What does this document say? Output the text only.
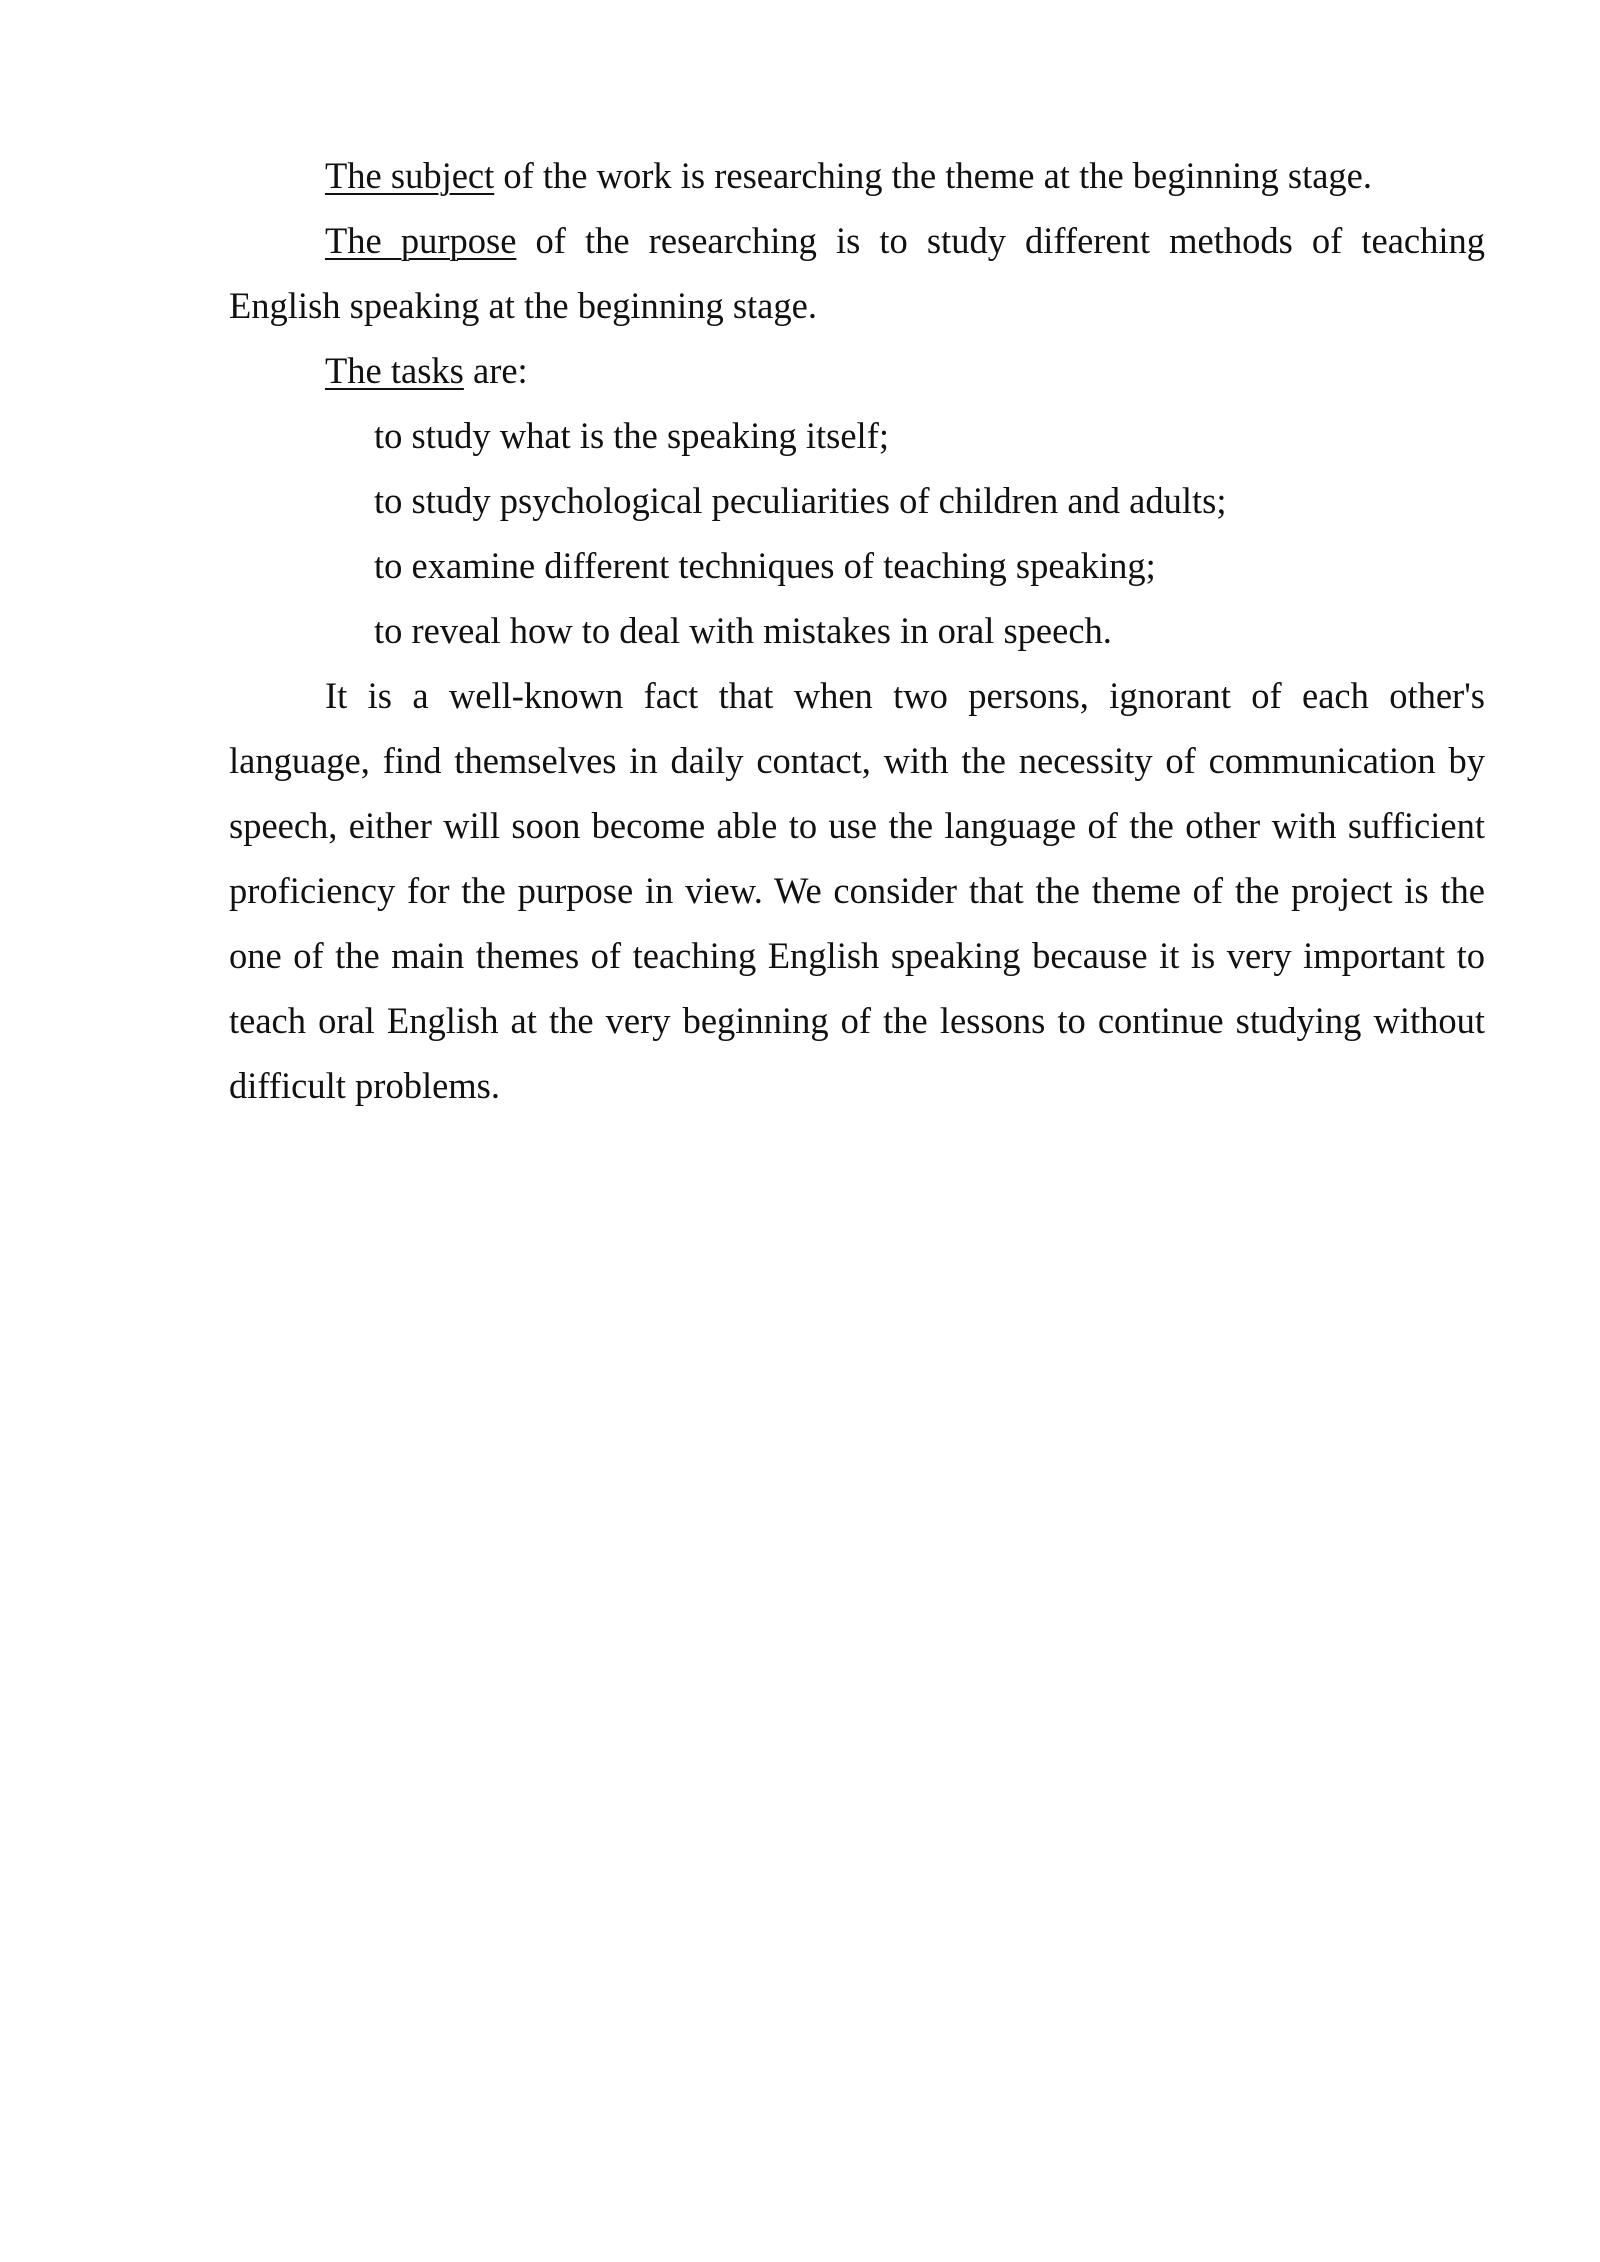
The subject of the work is researching the theme at the beginning stage.

The purpose of the researching is to study different methods of teaching English speaking at the beginning stage.

The tasks are:

to study what is the speaking itself;
to study psychological peculiarities of children and adults;
to examine different techniques of teaching speaking;
to reveal how to deal with mistakes in oral speech.

It is a well-known fact that when two persons, ignorant of each other's language, find themselves in daily contact, with the necessity of communication by speech, either will soon become able to use the language of the other with sufficient proficiency for the purpose in view. We consider that the theme of the project is the one of the main themes of teaching English speaking because it is very important to teach oral English at the very beginning of the lessons to continue studying without difficult problems.
